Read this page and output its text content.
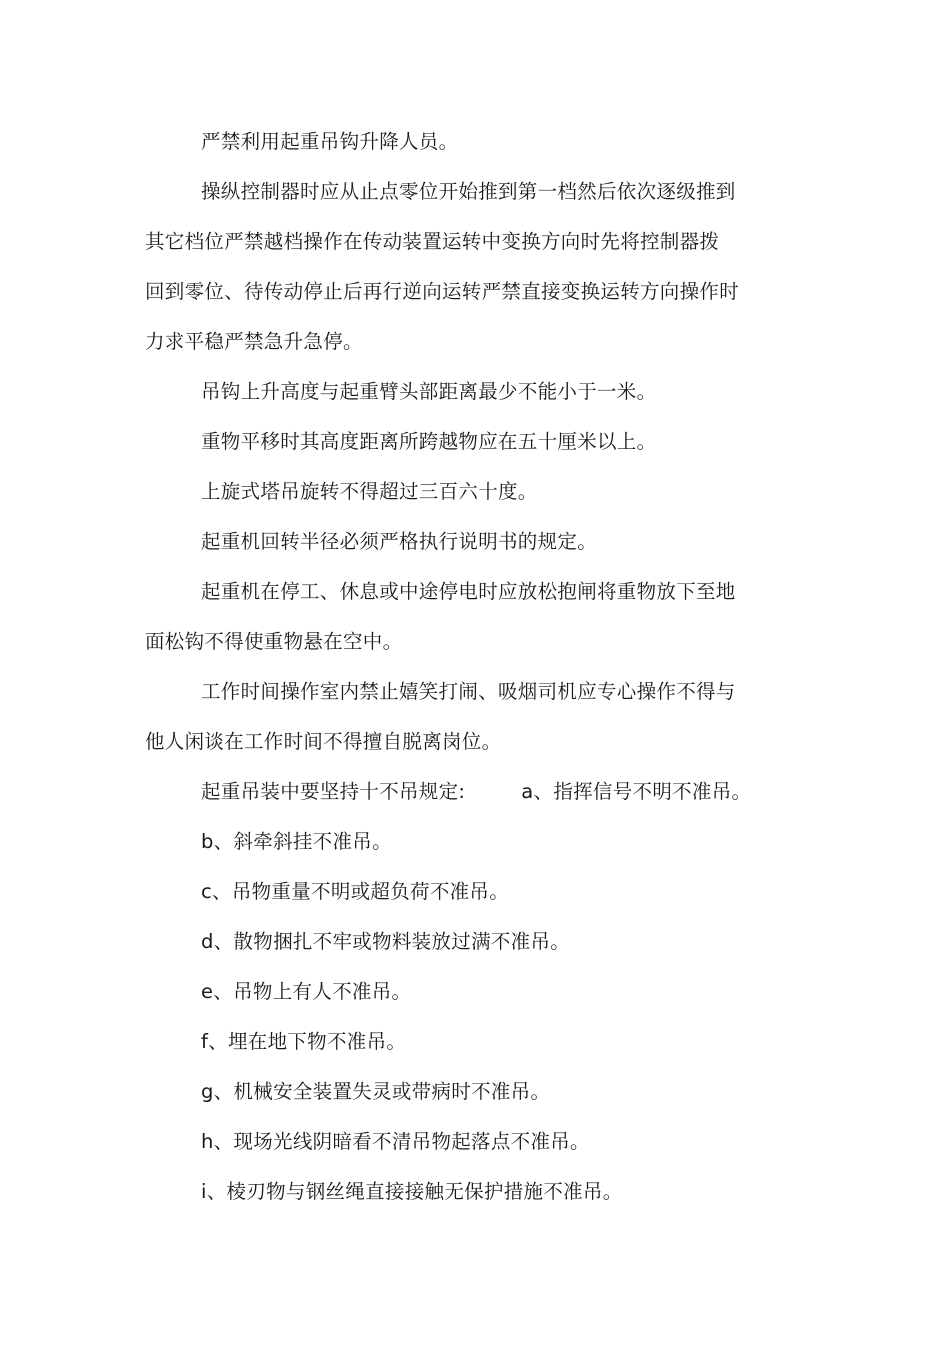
严禁利用起重吊钩升降人员。

操纵控制器时应从止点零位开始推到第一档然后依次逐级推到
其它档位严禁越档操作在传动装置运转中变换方向时先将控制器拨
回到零位、待传动停止后再行逆向运转严禁直接变换运转方向操作时
力求平稳严禁急升急停。

吊钩上升高度与起重臂头部距离最少不能小于一米。

重物平移时其高度距离所跨越物应在五十厘米以上。

上旋式塔吊旋转不得超过三百六十度。

起重机回转半径必须严格执行说明书的规定。

起重机在停工、休息或中途停电时应放松抱闸将重物放下至地
面松钩不得使重物悬在空中。
工作时间操作室内禁止嬉笑打闹、吸烟司机应专心操作不得与
他人闲谈在工作时间不得擅自脱离岗位。

起重吊装中要坚持十不吊规定:	a、指挥信号不明不准吊。

b、斜牵斜挂不准吊。

c、吊物重量不明或超负荷不准吊。

d、散物捆扎不牢或物料装放过满不准吊。

e、吊物上有人不准吊。

f、埋在地下物不准吊。

g、机械安全装置失灵或带病时不准吊。

h、现场光线阴暗看不清吊物起落点不准吊。

i、棱刃物与钢丝绳直接接触无保护措施不准吊。
